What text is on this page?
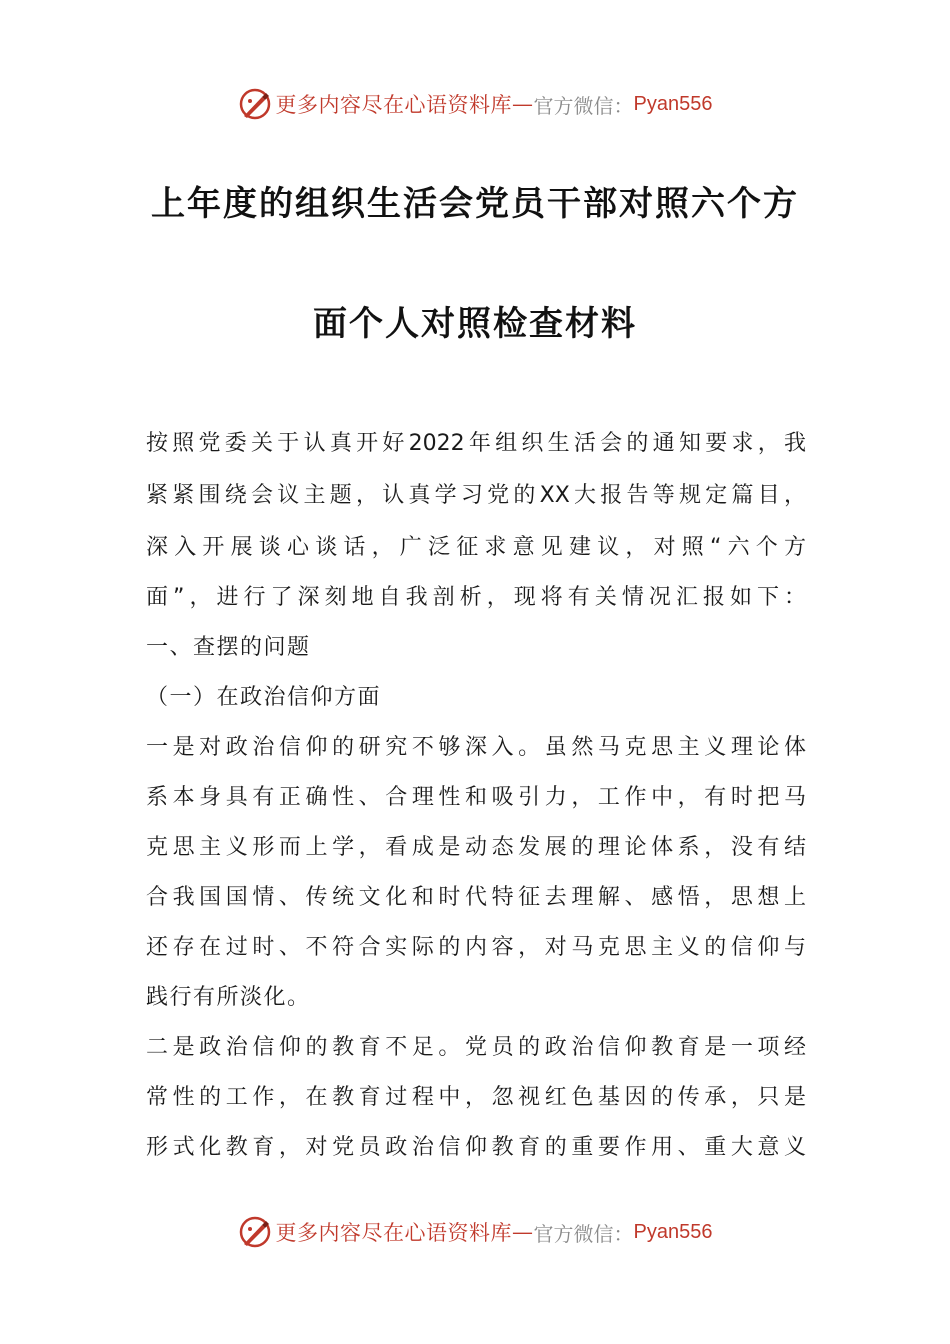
更多内容尽在心语资料库 — 官方微信： Pyan556
上年度的组织生活会党员干部对照六个方
面个人对照检查材料
按照党委关于认真开好2022年组织生活会的通知要求，我
紧紧围绕会议主题，认真学习党的XX大报告等规定篇目，
深入开展谈心谈话，广泛征求意见建议，对照“六个方
面”，进行了深刻地自我剖析，现将有关情况汇报如下：
一、查摆的问题
（一）在政治信仰方面
一是对政治信仰的研究不够深入。虽然马克思主义理论体
系本身具有正确性、合理性和吸引力，工作中，有时把马
克思主义形而上学，看成是动态发展的理论体系，没有结
合我国国情、传统文化和时代特征去理解、感悟，思想上
还存在过时、不符合实际的内容，对马克思主义的信仰与
践行有所淡化。
二是政治信仰的教育不足。党员的政治信仰教育是一项经
常性的工作，在教育过程中，忽视红色基因的传承，只是
形式化教育，对党员政治信仰教育的重要作用、重大意义
更多内容尽在心语资料库 — 官方微信： Pyan556
